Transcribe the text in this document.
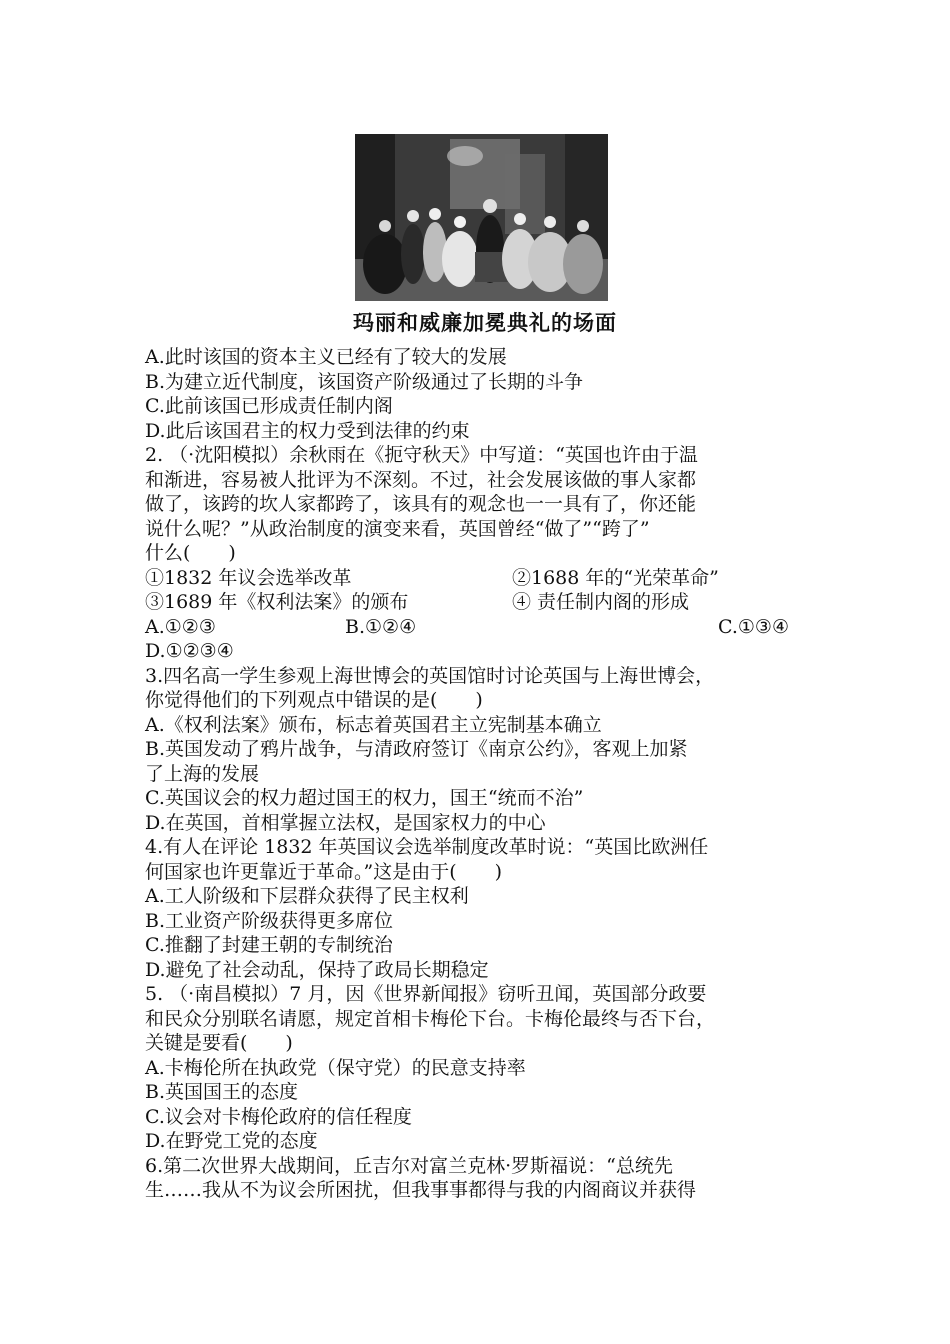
玛丽和威廉加冕典礼的场面
A.此时该国的资本主义已经有了较大的发展
B.为建立近代制度，该国资产阶级通过了长期的斗争
C.此前该国已形成责任制内阁
D.此后该国君主的权力受到法律的约束
2. （·沈阳模拟）余秋雨在《扼守秋天》中写道：“英国也许由于温
和渐进，容易被人批评为不深刻。不过，社会发展该做的事人家都
做了，该跨的坎人家都跨了，该具有的观念也一一具有了，你还能
说什么呢？”从政治制度的演变来看，英国曾经“做了”“跨了”
什么(　　)
①1832 年议会选举改革	②1688 年的“光荣革命”
③1689 年《权利法案》的颁布	④ 责任制内阁的形成
A.①②③	B.①②④	C.①③④
D.①②③④
3.四名高一学生参观上海世博会的英国馆时讨论英国与上海世博会，
你觉得他们的下列观点中错误的是(　　)
A.《权利法案》颁布，标志着英国君主立宪制基本确立
B.英国发动了鸦片战争，与清政府签订《南京公约》，客观上加紧
了上海的发展
C.英国议会的权力超过国王的权力，国王“统而不治”
D.在英国，首相掌握立法权，是国家权力的中心
4.有人在评论 1832 年英国议会选举制度改革时说：“英国比欧洲任
何国家也许更靠近于革命。”这是由于(　　)
A.工人阶级和下层群众获得了民主权利
B.工业资产阶级获得更多席位
C.推翻了封建王朝的专制统治
D.避免了社会动乱，保持了政局长期稳定
5. （·南昌模拟）7 月，因《世界新闻报》窃听丑闻，英国部分政要
和民众分别联名请愿，规定首相卡梅伦下台。卡梅伦最终与否下台，
关键是要看(　　)
A.卡梅伦所在执政党（保守党）的民意支持率
B.英国国王的态度
C.议会对卡梅伦政府的信任程度
D.在野党工党的态度
6.第二次世界大战期间，丘吉尔对富兰克林·罗斯福说：“总统先
生……我从不为议会所困扰，但我事事都得与我的内阁商议并获得
